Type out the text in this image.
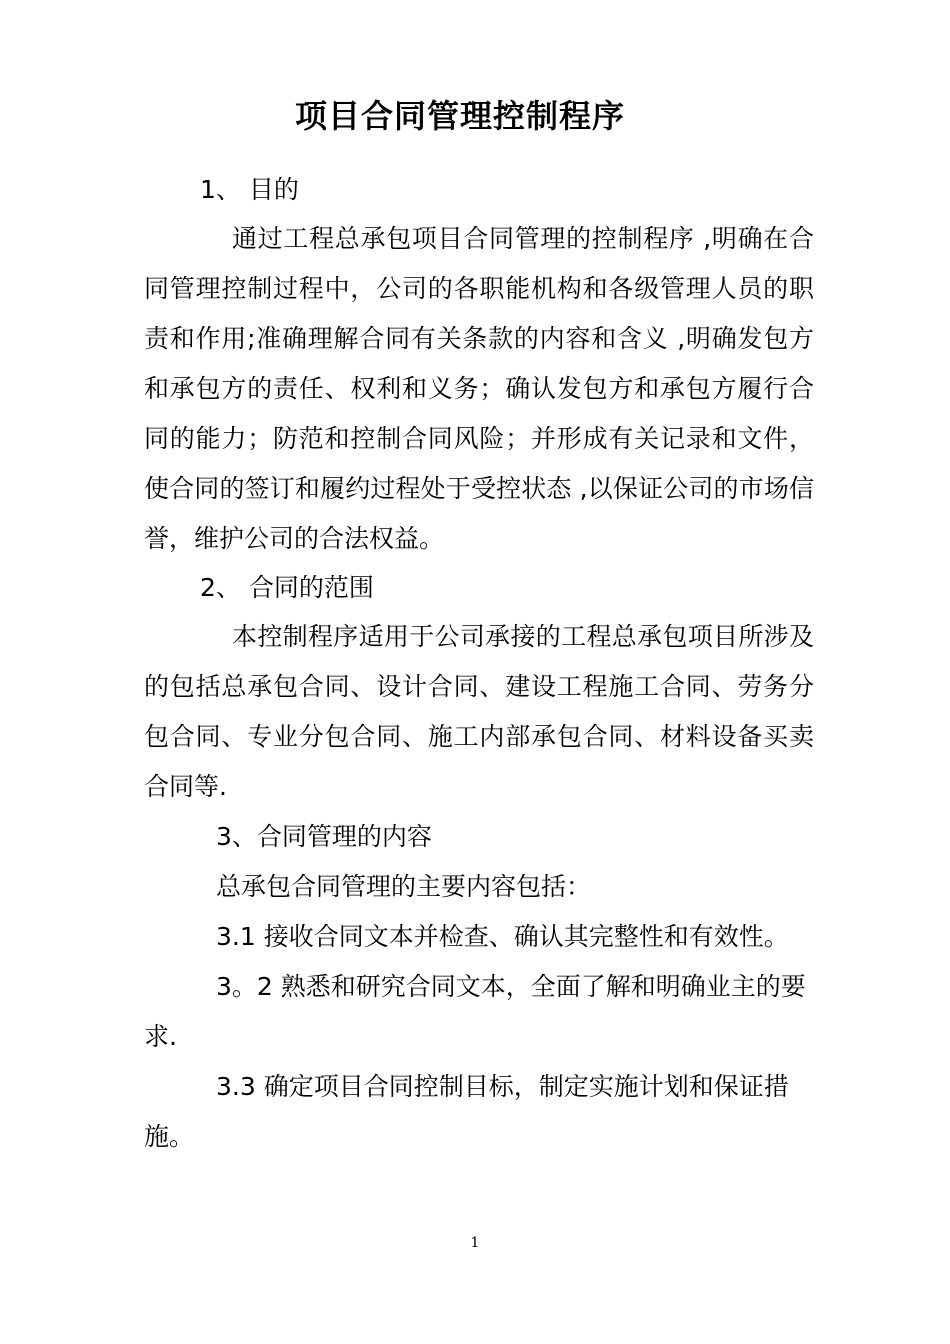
项目合同管理控制程序
1、 目的
通过工程总承包项目合同管理的控制程序 ,明确在合同管理控制过程中，公司的各职能机构和各级管理人员的职责和作用;准确理解合同有关条款的内容和含义 ,明确发包方和承包方的责任、权利和义务；确认发包方和承包方履行合同的能力；防范和控制合同风险；并形成有关记录和文件，使合同的签订和履约过程处于受控状态 ,以保证公司的市场信誉，维护公司的合法权益。
2、 合同的范围
本控制程序适用于公司承接的工程总承包项目所涉及的包括总承包合同、设计合同、建设工程施工合同、劳务分包合同、专业分包合同、施工内部承包合同、材料设备买卖合同等.
3、合同管理的内容
总承包合同管理的主要内容包括：
3.1 接收合同文本并检查、确认其完整性和有效性。
3。2 熟悉和研究合同文本，全面了解和明确业主的要求.
3.3 确定项目合同控制目标，制定实施计划和保证措施。
1
